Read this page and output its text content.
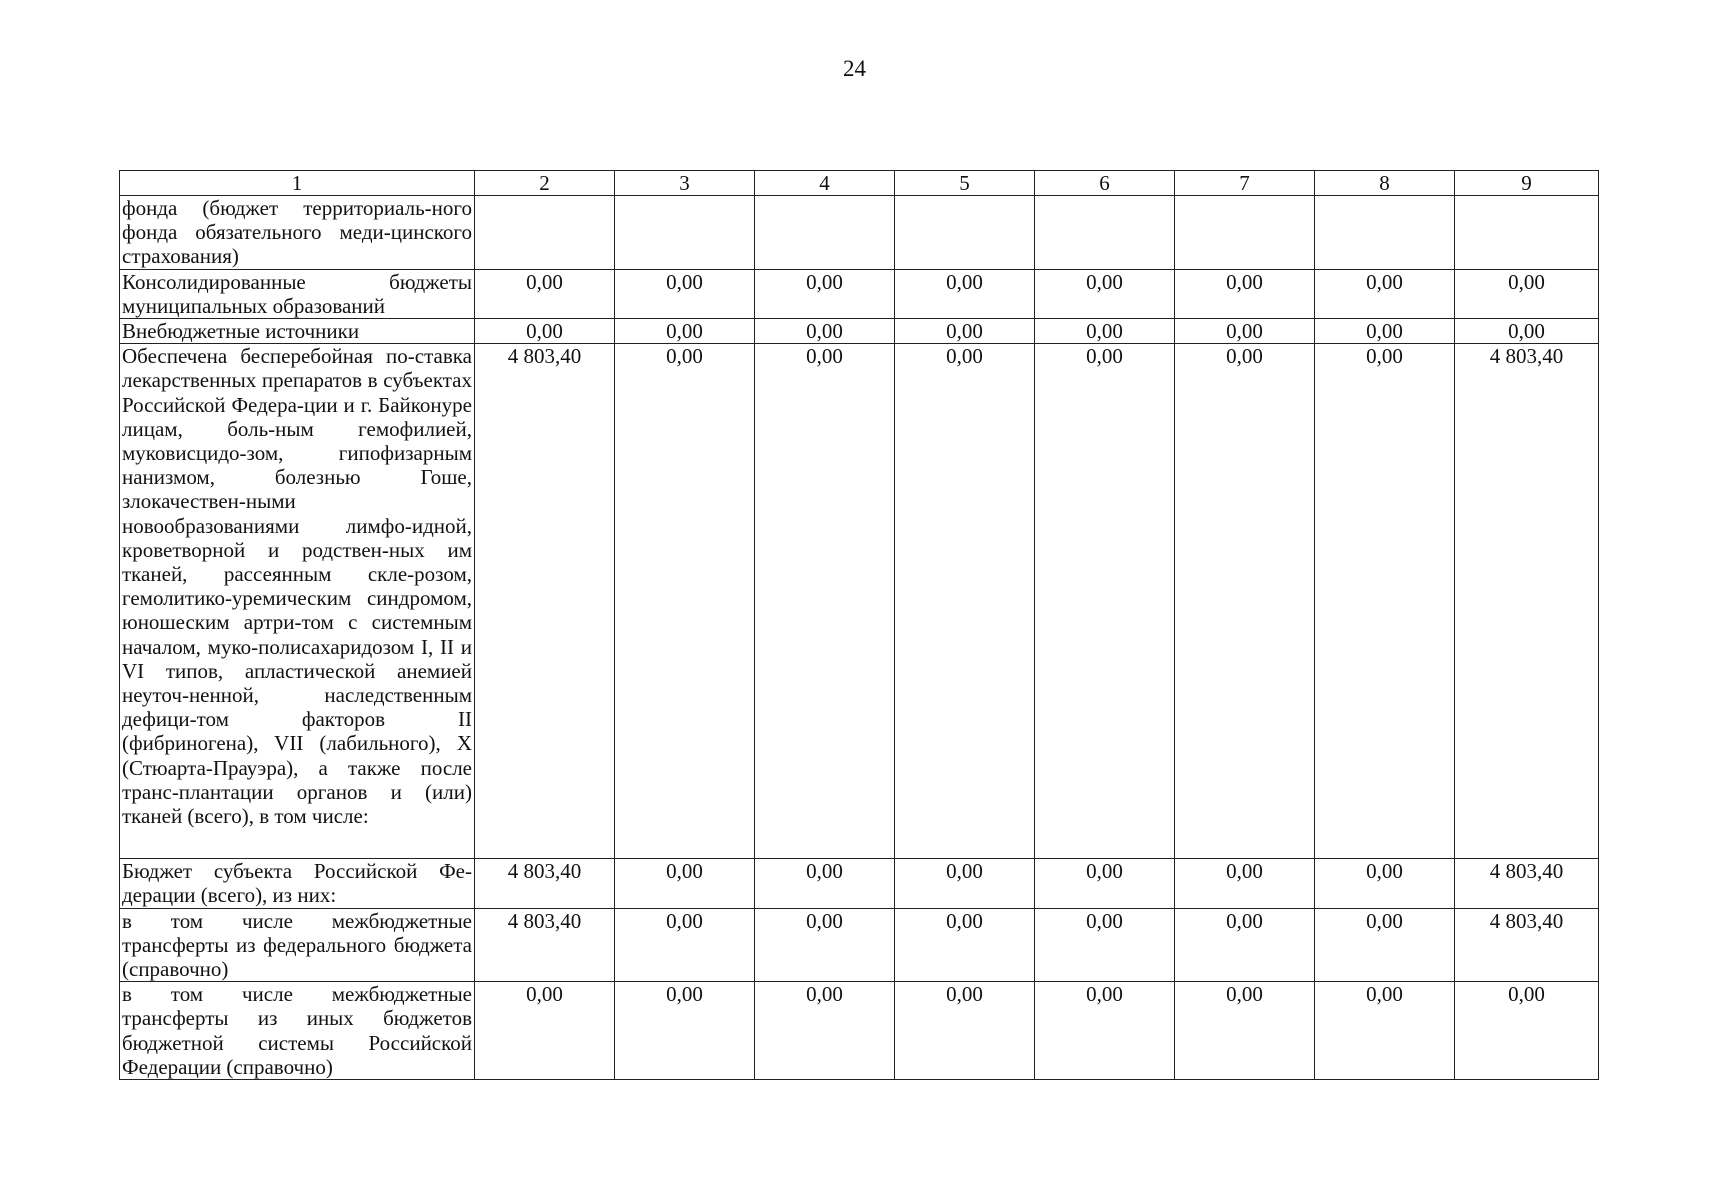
24
1	2	3	4	5	6	7	8	9
фонда (бюджет территориаль-ного фонда обязательного меди-цинского страхования)								
Консолидированные бюджеты муниципальных образований	0,00	0,00	0,00	0,00	0,00	0,00	0,00	0,00
Внебюджетные источники	0,00	0,00	0,00	0,00	0,00	0,00	0,00	0,00
Обеспечена бесперебойная по-ставка лекарственных препаратов в субъектах Российской Федера-ции и г. Байконуре лицам, боль-ным гемофилией, муковисцидо-зом, гипофизарным нанизмом, болезнью Гоше, злокачествен-ными новообразованиями лимфо-идной, кроветворной и родствен-ных им тканей, рассеянным скле-розом, гемолитико-уремическим синдромом, юношеским артри-том с системным началом, муко-полисахаридозом I, II и VI типов, апластической анемией неуточ-ненной, наследственным дефици-том факторов II (фибриногена), VII (лабильного), X (Стюарта-Прауэра), а также после транс-плантации органов и (или) тканей (всего), в том числе:	4 803,40	0,00	0,00	0,00	0,00	0,00	0,00	4 803,40
Бюджет субъекта Российской Фе-дерации (всего), из них:	4 803,40	0,00	0,00	0,00	0,00	0,00	0,00	4 803,40
в том числе межбюджетные трансферты из федерального бюджета (справочно)	4 803,40	0,00	0,00	0,00	0,00	0,00	0,00	4 803,40
в том числе межбюджетные трансферты из иных бюджетов бюджетной системы Российской Федерации (справочно)	0,00	0,00	0,00	0,00	0,00	0,00	0,00	0,00
